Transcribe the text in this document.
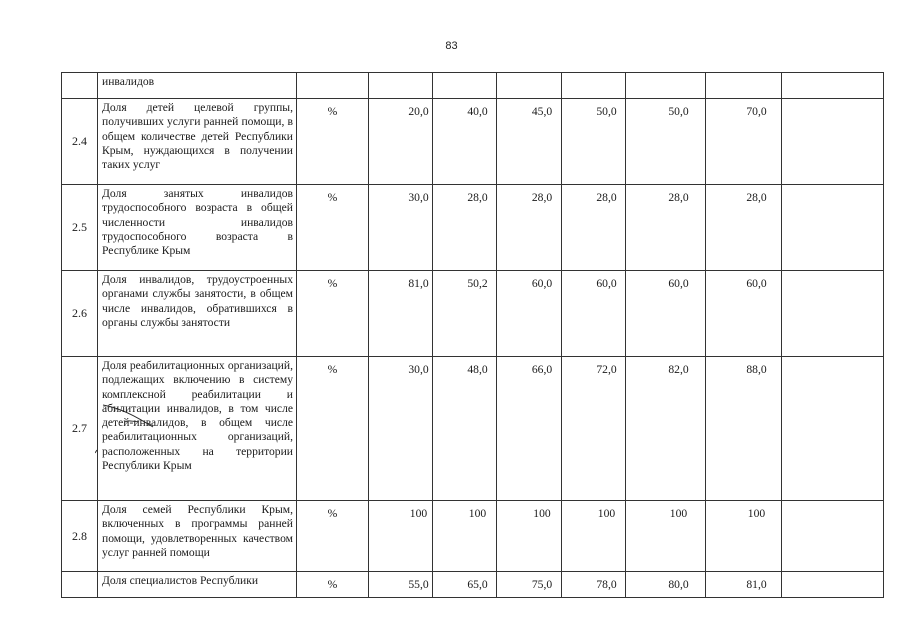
83

	инвалидов								

2.4	Доля детей целевой группы, получивших услуги ранней помощи, в общем количестве детей Республики Крым, нуждающихся в получении таких услуг	%	20,0	40,0	45,0	50,0	50,0	70,0	
2.5	Доля занятых инвалидов трудоспособного возраста в общей численности инвалидов трудоспособного возраста в Республике Крым	%	30,0	28,0	28,0	28,0	28,0	28,0	
2.6	Доля инвалидов, трудоустроенных органами службы занятости, в общем числе инвалидов, обратившихся в органы службы занятости	%	81,0	50,2	60,0	60,0	60,0	60,0	
2.7	Доля реабилитационных организаций, подлежащих включению в систему комплексной реабилитации и абилитации инвалидов, в том числе детей-инвалидов, в общем числе реабилитационных организаций, расположенных на территории Республики Крым	%	30,0	48,0	66,0	72,0	82,0	88,0	
2.8	Доля семей Республики Крым, включенных в программы ранней помощи, удовлетворенных качеством услуг ранней помощи	%	100	100	100	100	100	100	

	Доля специалистов Республики	%	55,0	65,0	75,0	78,0	80,0	81,0	
